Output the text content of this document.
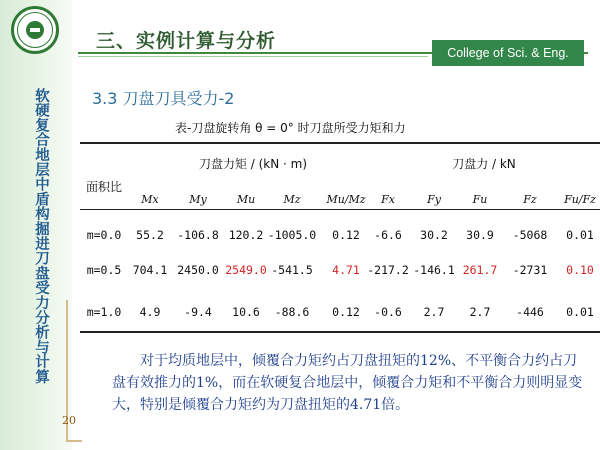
软硬复合地层中盾构掘进刀盘受力分析与计算
20
三、实例计算与分析
College of Sci. & Eng.
3.3 刀盘刀具受力-2
表-刀盘旋转角 θ = 0° 时刀盘所受力矩和力
面积比
刀盘力矩 / (kN · m)	刀盘力 / kN
Mx	My	Mu	Mz	Mu/Mz	Fx	Fy	Fu	Fz	Fu/Fz
m=0.0	55.2	-106.8 120.2 -1005.0	0.12	-6.6	30.2	30.9	-5068	0.01
m=0.5 704.1 2450.0 2549.0 -541.5	4.71 -217.2 -146.1 261.7	-2731	0.10
m=1.0	4.9	-9.4	10.6	-88.6	0.12	-0.6	2.7	2.7	-446	0.01

对于均质地层中，倾覆合力矩约占刀盘扭矩的12%、不平衡合力约占刀盘有效推力的1%，而在软硬复合地层中，倾覆合力矩和不平衡合力则明显变大，特别是倾覆合力矩约为刀盘扭矩的4.71倍。
